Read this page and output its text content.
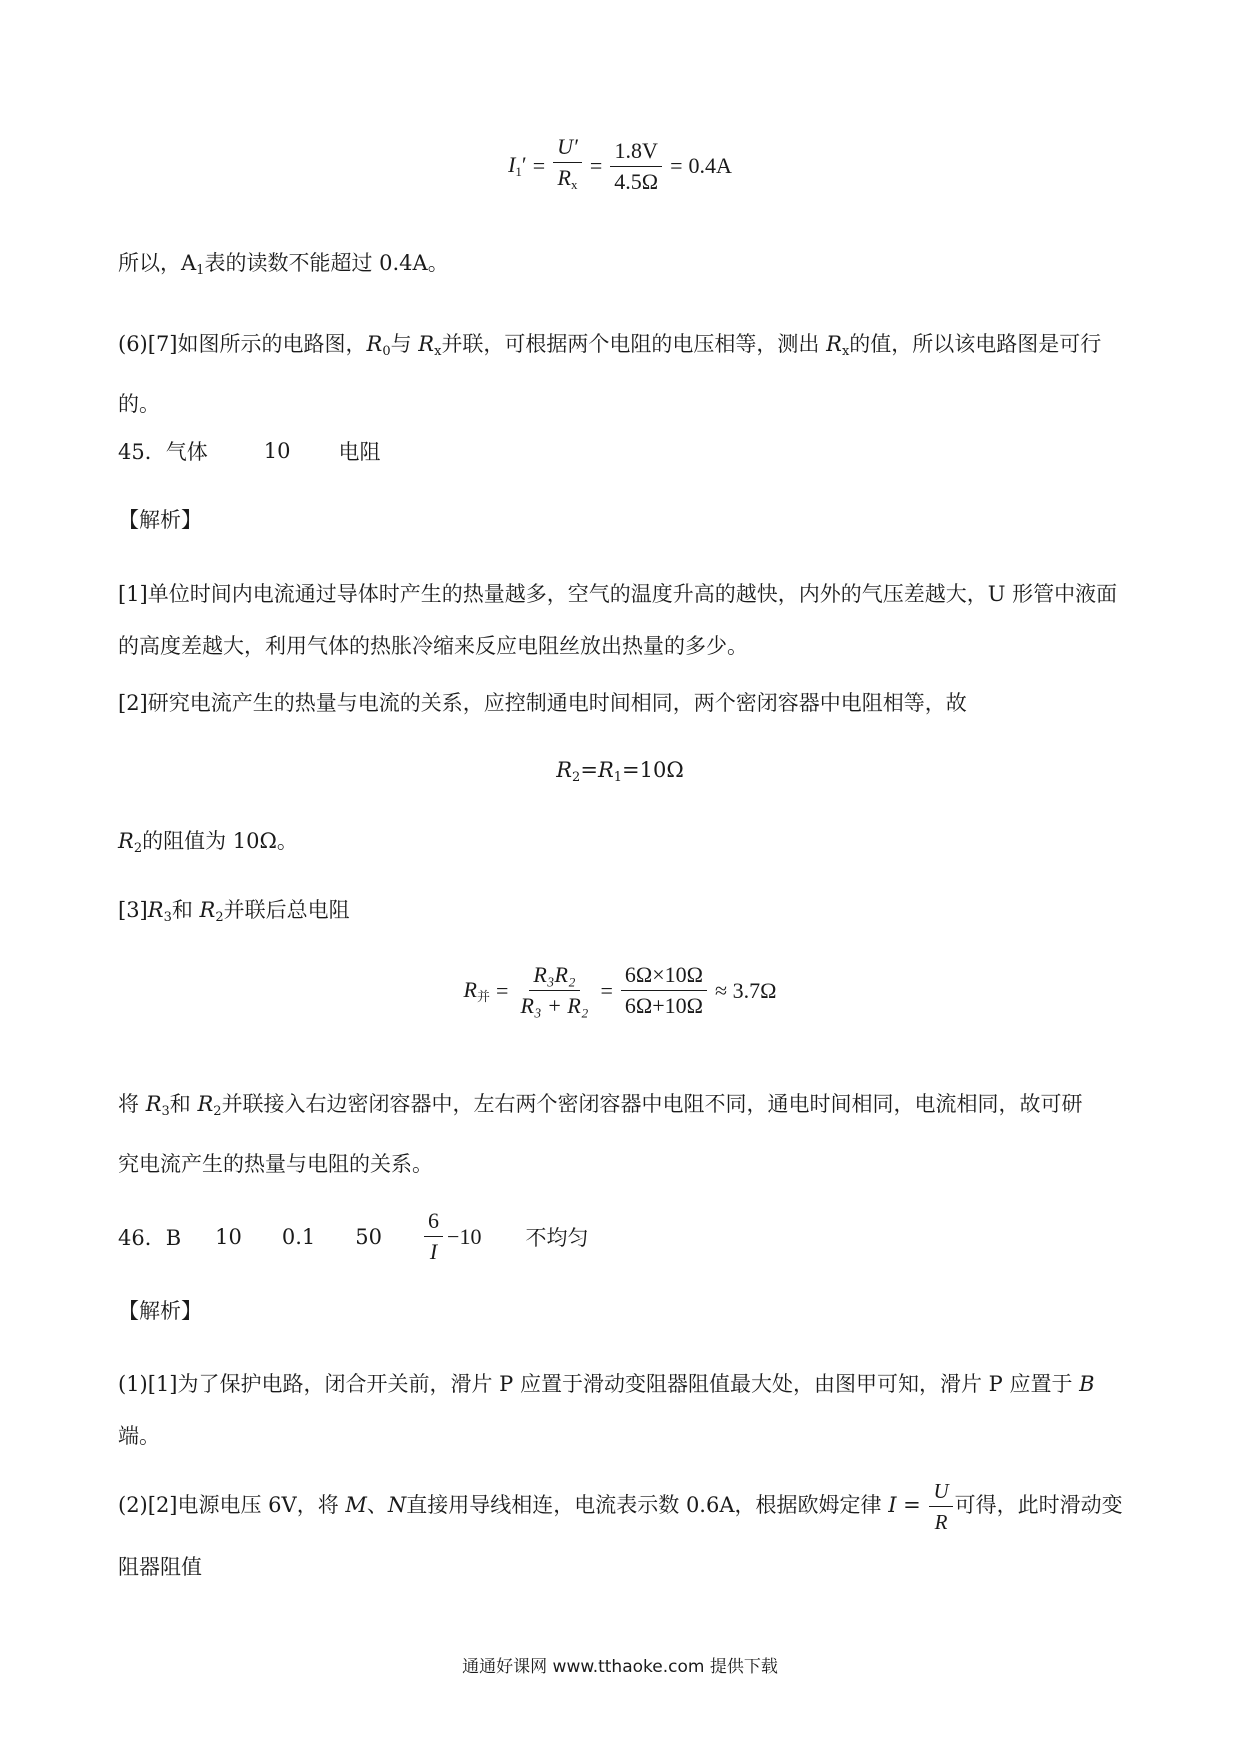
$I_1' = \frac{U'}{R_x} = \frac{1.8V}{4.5\Omega} = 0.4A$
所以，$A_1$表的读数不能超过 0.4A。
(6)[7]如图所示的电路图，$R_0$与 $R_x$并联，可根据两个电阻的电压相等，测出 $R_x$的值，所以该电路图是可行
的。
45．气体	10 电阻
【解析】
[1]单位时间内电流通过导体时产生的热量越多，空气的温度升高的越快，内外的气压差越大，U 形管中液面的高度差越大，利用气体的热胀冷缩来反应电阻丝放出热量的多少。
[2]研究电流产生的热量与电流的关系，应控制通电时间相同，两个密闭容器中电阻相等，故
$R_2=R_1=10\Omega$
$R_2$的阻值为 10Ω。
$[3]R_3$和 $R_2$并联后总电阻
$R_并 = \frac{\text{R₃R₂}}{\text{R₃ + R₂}} = \frac{6\Omega\times 10\Omega}{6\Omega+10\Omega} \approx 3.7\Omega$
将 $R_3$和 $R_2$并联接入右边密闭容器中，左右两个密闭容器中电阻不同，通电时间相同，电流相同，故可研
究电流产生的热量与电阻的关系。
46．B 10 0.1 $50 \frac{6}{I} -10$ 不均匀
【解析】
(1)[1]为了保护电路，闭合开关前，滑片 P 应置于滑动变阻器阻值最大处，由图甲可知，滑片 P 应置于 B
端。
(2)[2]电源电压 6V，将 M、N直接用导线相连，电流表示数 0.6A，根据欧姆定律 $I = \frac{U}{R}$ 可得，此时滑动变
阻器阻值
通通好课网 www.tthaoke.com 提供下载
